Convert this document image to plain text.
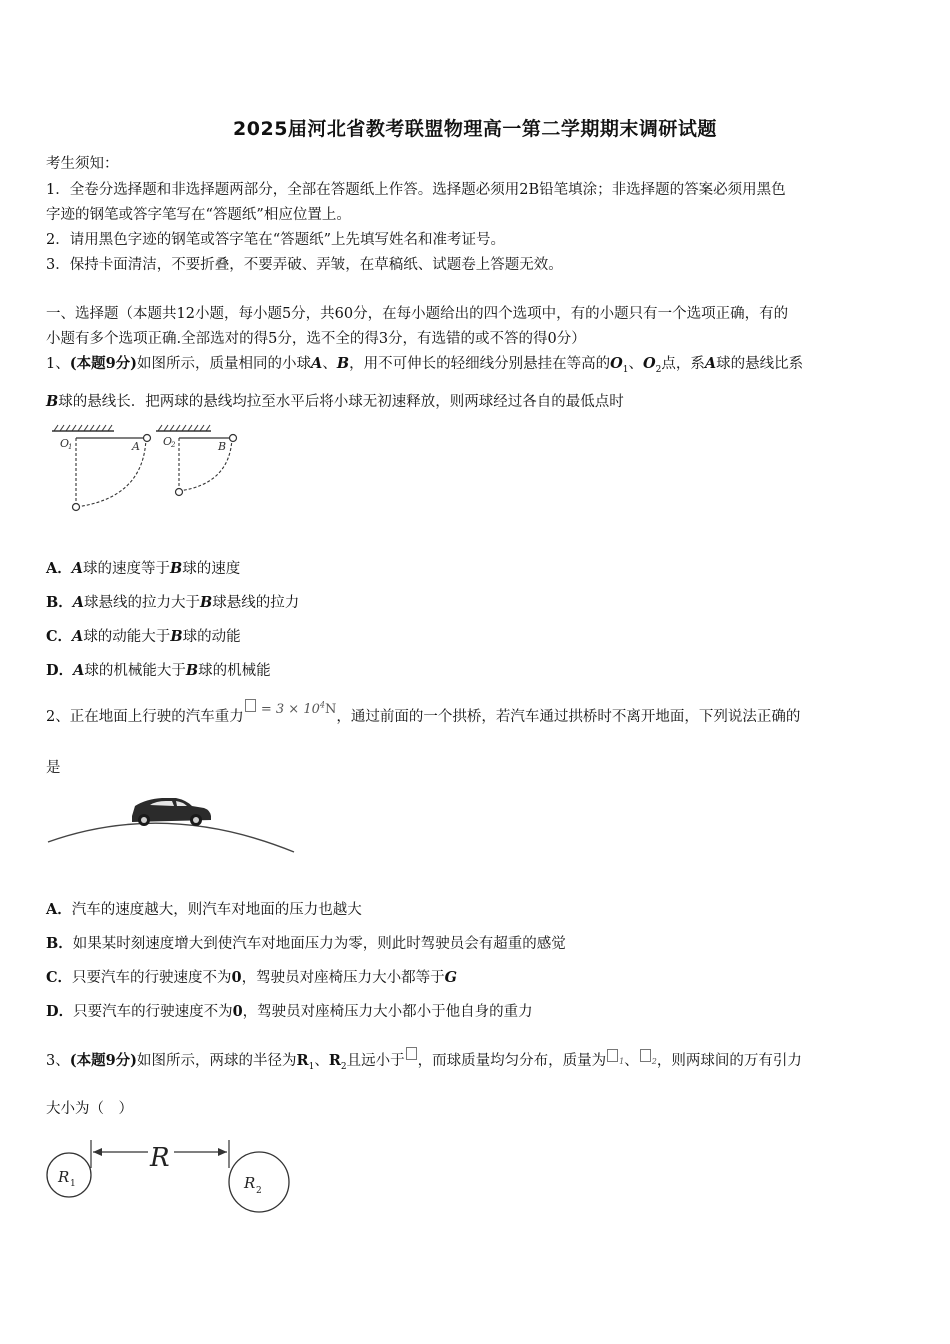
2025届河北省教考联盟物理高一第二学期期末调研试题
考生须知：
1．全卷分选择题和非选择题两部分，全部在答题纸上作答。选择题必须用2B铅笔填涂；非选择题的答案必须用黑色
字迹的钢笔或答字笔写在“答题纸”相应位置上。
2．请用黑色字迹的钢笔或答字笔在“答题纸”上先填写姓名和准考证号。
3．保持卡面清洁，不要折叠，不要弄破、弄皱，在草稿纸、试题卷上答题无效。
一、选择题（本题共12小题，每小题5分，共60分，在每小题给出的四个选项中，有的小题只有一个选项正确，有的
小题有多个选项正确.全部选对的得5分，选不全的得3分，有选错的或不答的得0分）
1、(本题9分)如图所示，质量相同的小球A、B，用不可伸长的轻细线分别悬挂在等高的$O_1$、$O_2$点，系A球的悬线比系
B球的悬线长．把两球的悬线均拉至水平后将小球无初速释放，则两球经过各自的最低点时
O
1	A O
2	B
A．A球的速度等于B球的速度
B．A球悬线的拉力大于B球悬线的拉力
C．A球的动能大于B球的动能
D．A球的机械能大于B球的机械能
2、正在地面上行驶的汽车重力 = $3 \times 10^4N$，通过前面的一个拱桥，若汽车通过拱桥时不离开地面，下列说法正确的
是
A．汽车的速度越大，则汽车对地面的压力也越大
B．如果某时刻速度增大到使汽车对地面压力为零，则此时驾驶员会有超重的感觉
C．只要汽车的行驶速度不为0，驾驶员对座椅压力大小都等于G
D．只要汽车的行驶速度不为0，驾驶员对座椅压力大小都小于他自身的重力
3、(本题9分)如图所示，两球的半径为$R_1$、$R_2$且远小于 ，而球质量均匀分布，质量为 1、 2，则两球间的万有引力
大小为（　）
R
R 1	R 2
